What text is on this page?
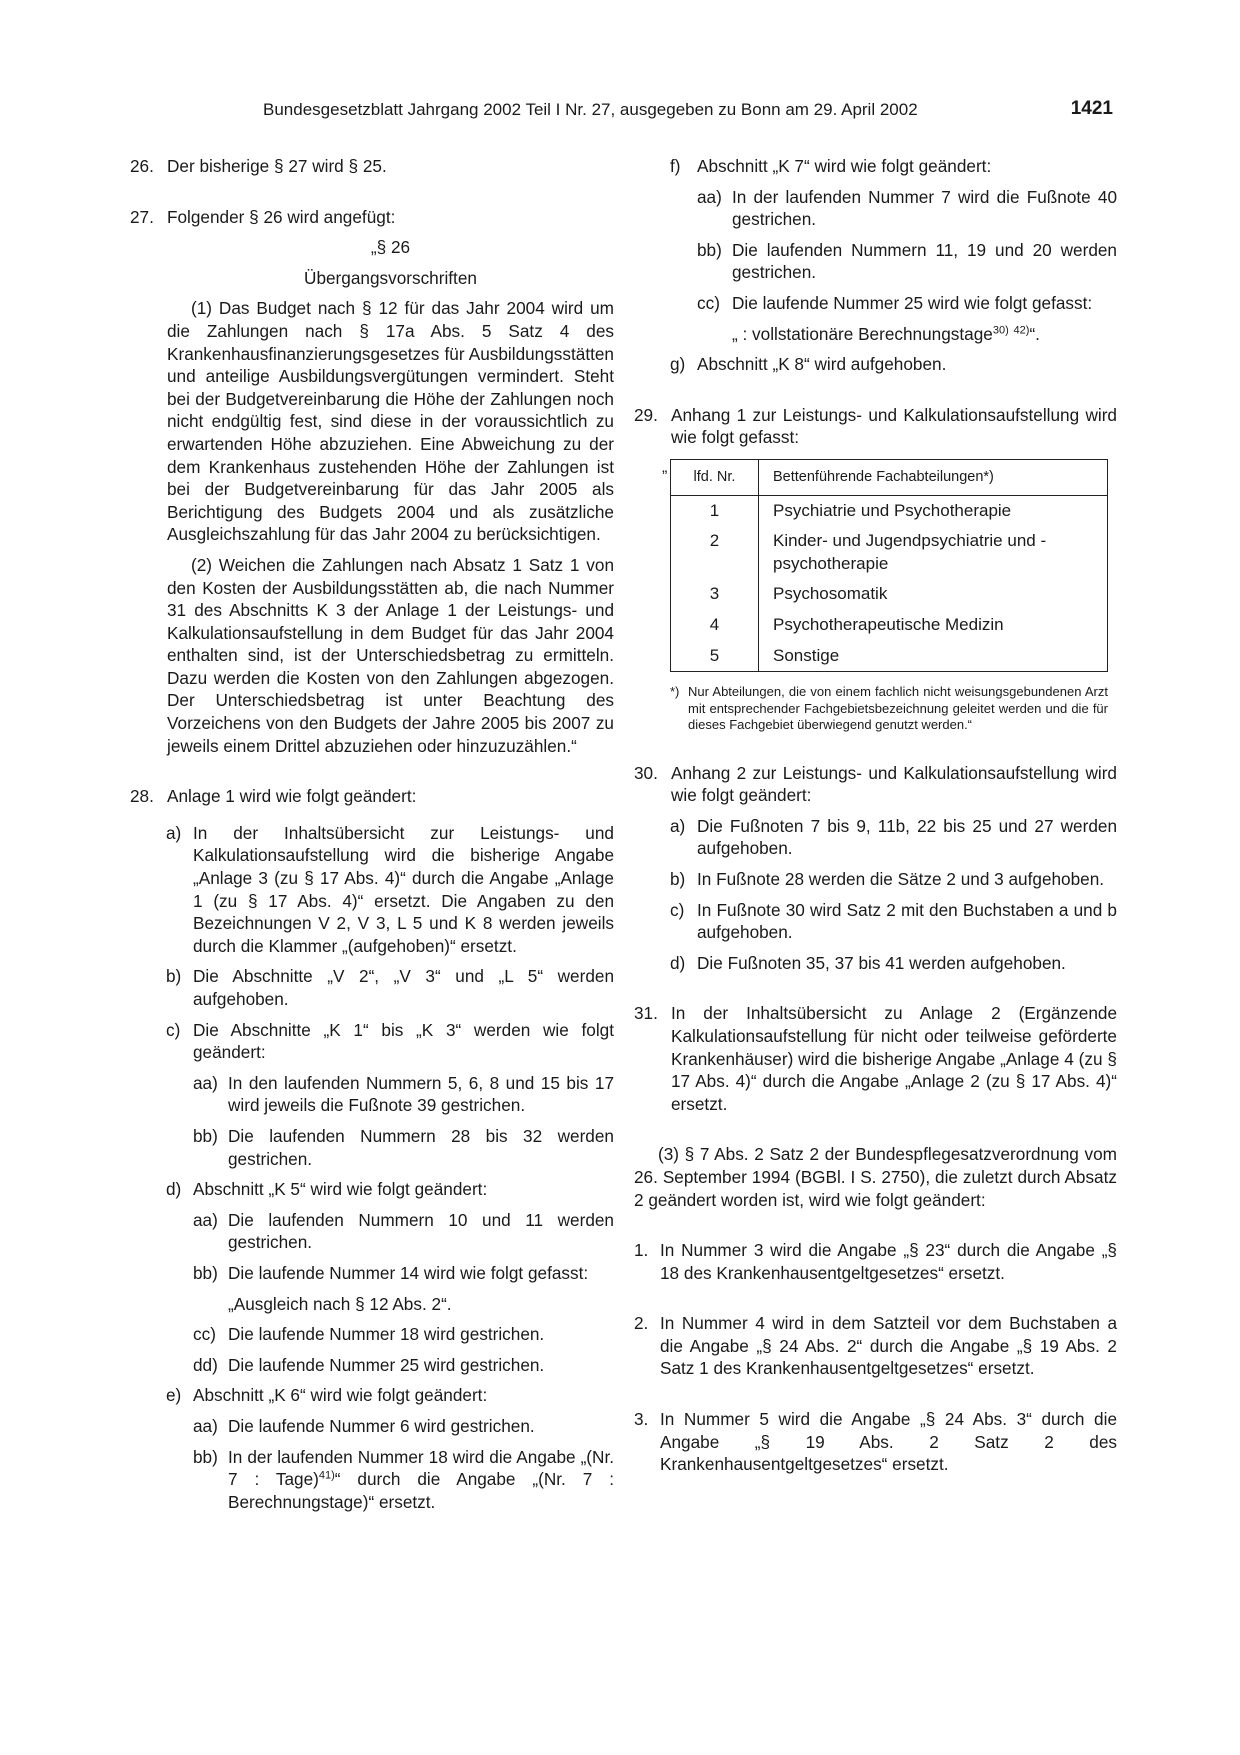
Bundesgesetzblatt Jahrgang 2002 Teil I Nr. 27, ausgegeben zu Bonn am 29. April 2002	1421
26. Der bisherige § 27 wird § 25.
27. Folgender § 26 wird angefügt:
„§ 26
Übergangsvorschriften
(1) Das Budget nach § 12 für das Jahr 2004 wird um die Zahlungen nach § 17a Abs. 5 Satz 4 des Krankenhausfinanzierungsgesetzes für Ausbildungsstätten und anteilige Ausbildungsvergütungen vermindert. Steht bei der Budgetvereinbarung die Höhe der Zahlungen noch nicht endgültig fest, sind diese in der voraussichtlich zu erwartenden Höhe abzuziehen. Eine Abweichung zu der dem Krankenhaus zustehenden Höhe der Zahlungen ist bei der Budgetvereinbarung für das Jahr 2005 als Berichtigung des Budgets 2004 und als zusätzliche Ausgleichszahlung für das Jahr 2004 zu berücksichtigen.
(2) Weichen die Zahlungen nach Absatz 1 Satz 1 von den Kosten der Ausbildungsstätten ab, die nach Nummer 31 des Abschnitts K 3 der Anlage 1 der Leistungs- und Kalkulationsaufstellung in dem Budget für das Jahr 2004 enthalten sind, ist der Unterschiedsbetrag zu ermitteln. Dazu werden die Kosten von den Zahlungen abgezogen. Der Unterschiedsbetrag ist unter Beachtung des Vorzeichens von den Budgets der Jahre 2005 bis 2007 zu jeweils einem Drittel abzuziehen oder hinzuzuzählen.“
28. Anlage 1 wird wie folgt geändert:
a) In der Inhaltsübersicht zur Leistungs- und Kalkulationsaufstellung wird die bisherige Angabe „Anlage 3 (zu § 17 Abs. 4)“ durch die Angabe „Anlage 1 (zu § 17 Abs. 4)“ ersetzt. Die Angaben zu den Bezeichnungen V 2, V 3, L 5 und K 8 werden jeweils durch die Klammer „(aufgehoben)“ ersetzt.
b) Die Abschnitte „V 2“, „V 3“ und „L 5“ werden aufgehoben.
c) Die Abschnitte „K 1“ bis „K 3“ werden wie folgt geändert:
aa) In den laufenden Nummern 5, 6, 8 und 15 bis 17 wird jeweils die Fußnote 39 gestrichen.
bb) Die laufenden Nummern 28 bis 32 werden gestrichen.
d) Abschnitt „K 5“ wird wie folgt geändert:
aa) Die laufenden Nummern 10 und 11 werden gestrichen.
bb) Die laufende Nummer 14 wird wie folgt gefasst:
„Ausgleich nach § 12 Abs. 2“.
cc) Die laufende Nummer 18 wird gestrichen.
dd) Die laufende Nummer 25 wird gestrichen.
e) Abschnitt „K 6“ wird wie folgt geändert:
aa) Die laufende Nummer 6 wird gestrichen.
bb) In der laufenden Nummer 18 wird die Angabe „(Nr. 7 : Tage)$^{41)}$“ durch die Angabe „(Nr. 7 : Berechnungstage)“ ersetzt.
f) Abschnitt „K 7“ wird wie folgt geändert:
aa) In der laufenden Nummer 7 wird die Fußnote 40 gestrichen.
bb) Die laufenden Nummern 11, 19 und 20 werden gestrichen.
cc) Die laufende Nummer 25 wird wie folgt gefasst:
„ : vollstationäre Berechnungstage$^{30)}$ $^{42)}$“.
g) Abschnitt „K 8“ wird aufgehoben.
29. Anhang 1 zur Leistungs- und Kalkulationsaufstellung wird wie folgt gefasst:
„
lfd. Nr.	Bettenführende Fachabteilungen*)
1	Psychiatrie und Psychotherapie
2	Kinder- und Jugendpsychiatrie und -psychotherapie
3	Psychosomatik
4	Psychotherapeutische Medizin
5	Sonstige
*) Nur Abteilungen, die von einem fachlich nicht weisungsgebundenen Arzt mit entsprechender Fachgebietsbezeichnung geleitet werden und die für dieses Fachgebiet überwiegend genutzt werden.“
30. Anhang 2 zur Leistungs- und Kalkulationsaufstellung wird wie folgt geändert:
a) Die Fußnoten 7 bis 9, 11b, 22 bis 25 und 27 werden aufgehoben.
b) In Fußnote 28 werden die Sätze 2 und 3 aufgehoben.
c) In Fußnote 30 wird Satz 2 mit den Buchstaben a und b aufgehoben.
d) Die Fußnoten 35, 37 bis 41 werden aufgehoben.
31. In der Inhaltsübersicht zu Anlage 2 (Ergänzende Kalkulationsaufstellung für nicht oder teilweise geförderte Krankenhäuser) wird die bisherige Angabe „Anlage 4 (zu § 17 Abs. 4)“ durch die Angabe „Anlage 2 (zu § 17 Abs. 4)“ ersetzt.
(3) § 7 Abs. 2 Satz 2 der Bundespflegesatzverordnung vom 26. September 1994 (BGBl. I S. 2750), die zuletzt durch Absatz 2 geändert worden ist, wird wie folgt geändert:
1. In Nummer 3 wird die Angabe „§ 23“ durch die Angabe „§ 18 des Krankenhausentgeltgesetzes“ ersetzt.
2. In Nummer 4 wird in dem Satzteil vor dem Buchstaben a die Angabe „§ 24 Abs. 2“ durch die Angabe „§ 19 Abs. 2 Satz 1 des Krankenhausentgeltgesetzes“ ersetzt.
3. In Nummer 5 wird die Angabe „§ 24 Abs. 3“ durch die Angabe „§ 19 Abs. 2 Satz 2 des Krankenhausentgeltgesetzes“ ersetzt.
